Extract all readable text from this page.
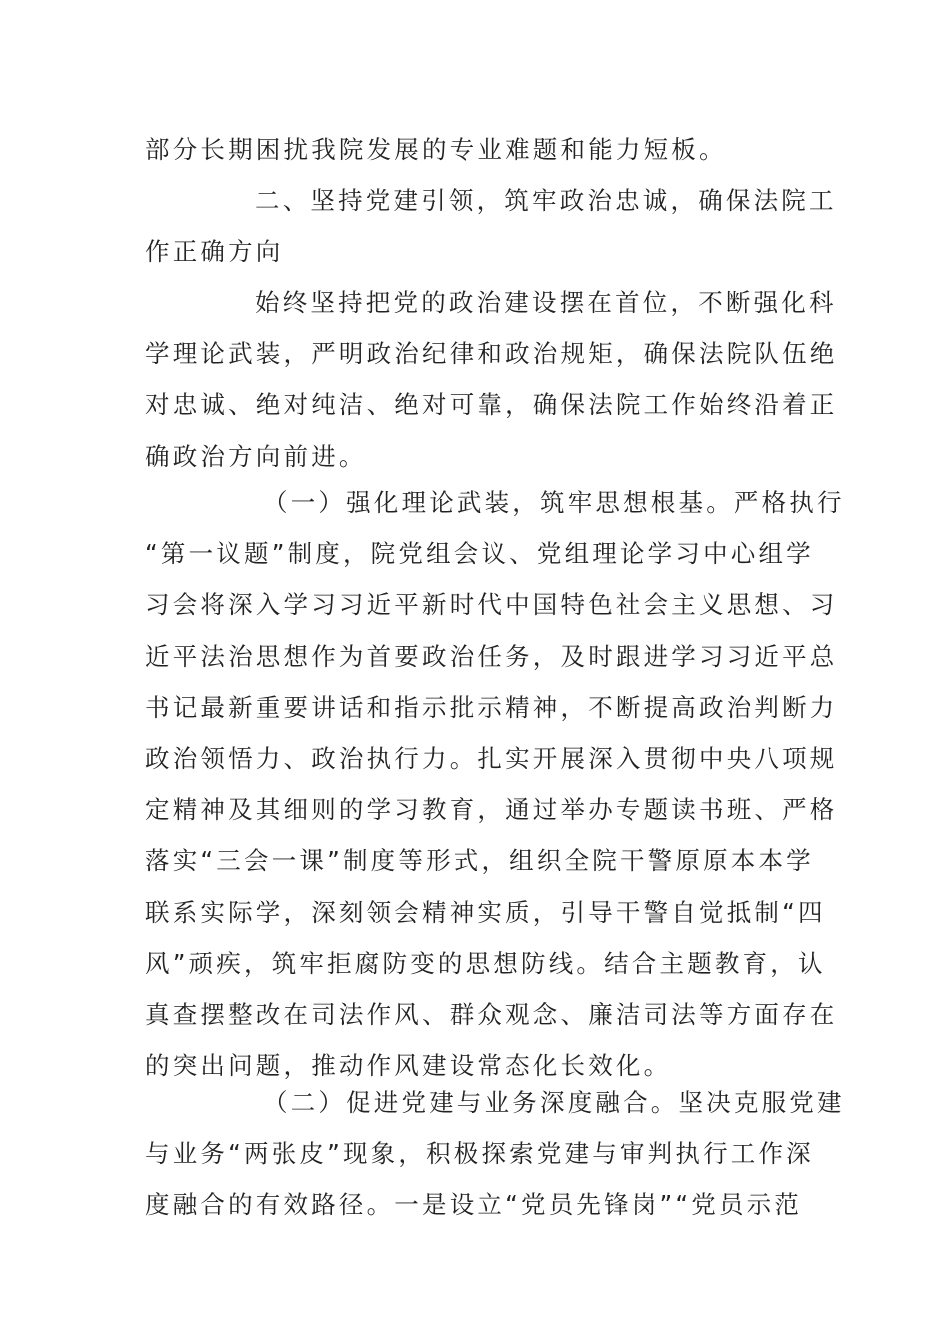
部分长期困扰我院发展的专业难题和能力短板。
二、坚持党建引领，筑牢政治忠诚，确保法院工
作正确方向
始终坚持把党的政治建设摆在首位，不断强化科
学理论武装，严明政治纪律和政治规矩，确保法院队伍绝
对忠诚、绝对纯洁、绝对可靠，确保法院工作始终沿着正
确政治方向前进。
（一）强化理论武装，筑牢思想根基。严格执行
“第一议题”制度，院党组会议、党组理论学习中心组学
习会将深入学习习近平新时代中国特色社会主义思想、习
近平法治思想作为首要政治任务，及时跟进学习习近平总
书记最新重要讲话和指示批示精神，不断提高政治判断力
政治领悟力、政治执行力。扎实开展深入贯彻中央八项规
定精神及其细则的学习教育，通过举办专题读书班、严格
落实“三会一课”制度等形式，组织全院干警原原本本学
联系实际学，深刻领会精神实质，引导干警自觉抵制“四
风”顽疾，筑牢拒腐防变的思想防线。结合主题教育，认
真查摆整改在司法作风、群众观念、廉洁司法等方面存在
的突出问题，推动作风建设常态化长效化。
（二）促进党建与业务深度融合。坚决克服党建
与业务“两张皮”现象，积极探索党建与审判执行工作深
度融合的有效路径。一是设立“党员先锋岗”“党员示范
